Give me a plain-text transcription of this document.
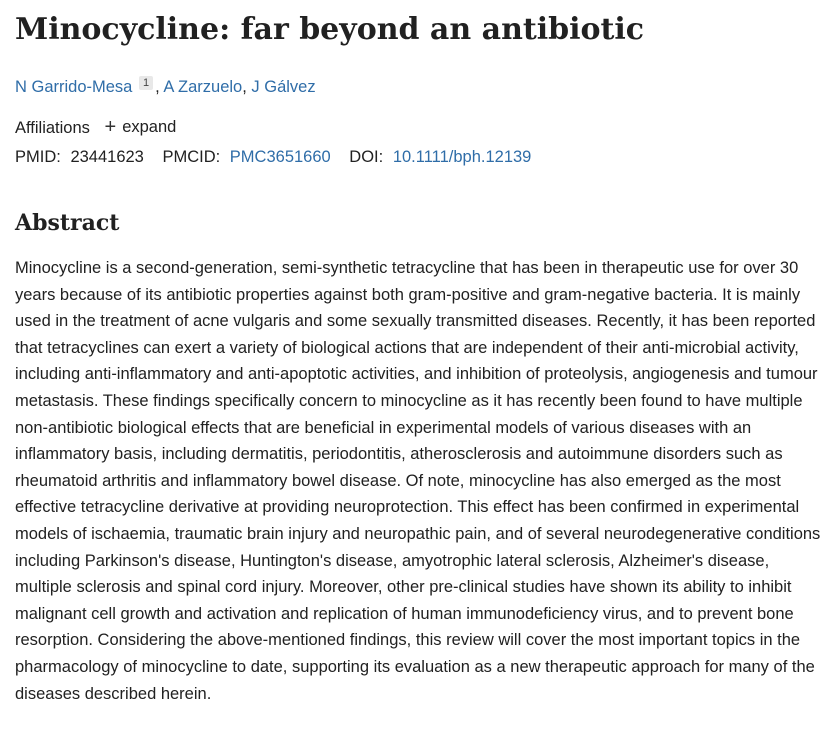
Minocycline: far beyond an antibiotic
N Garrido-Mesa 1 , A Zarzuelo, J Gálvez
Affiliations + expand
PMID: 23441623 PMCID: PMC3651660 DOI: 10.1111/bph.12139
Abstract

Minocycline is a second-generation, semi-synthetic tetracycline that has been in therapeutic use for over 30 years because of its antibiotic properties against both gram-positive and gram-negative bacteria. It is mainly used in the treatment of acne vulgaris and some sexually transmitted diseases. Recently, it has been reported that tetracyclines can exert a variety of biological actions that are independent of their anti-microbial activity, including anti-inflammatory and anti-apoptotic activities, and inhibition of proteolysis, angiogenesis and tumour metastasis. These findings specifically concern to minocycline as it has recently been found to have multiple non-antibiotic biological effects that are beneficial in experimental models of various diseases with an inflammatory basis, including dermatitis, periodontitis, atherosclerosis and autoimmune disorders such as rheumatoid arthritis and inflammatory bowel disease. Of note, minocycline has also emerged as the most effective tetracycline derivative at providing neuroprotection. This effect has been confirmed in experimental models of ischaemia, traumatic brain injury and neuropathic pain, and of several neurodegenerative conditions including Parkinson's disease, Huntington's disease, amyotrophic lateral sclerosis, Alzheimer's disease, multiple sclerosis and spinal cord injury. Moreover, other pre-clinical studies have shown its ability to inhibit malignant cell growth and activation and replication of human immunodeficiency virus, and to prevent bone resorption. Considering the above-mentioned findings, this review will cover the most important topics in the pharmacology of minocycline to date, supporting its evaluation as a new therapeutic approach for many of the diseases described herein.
